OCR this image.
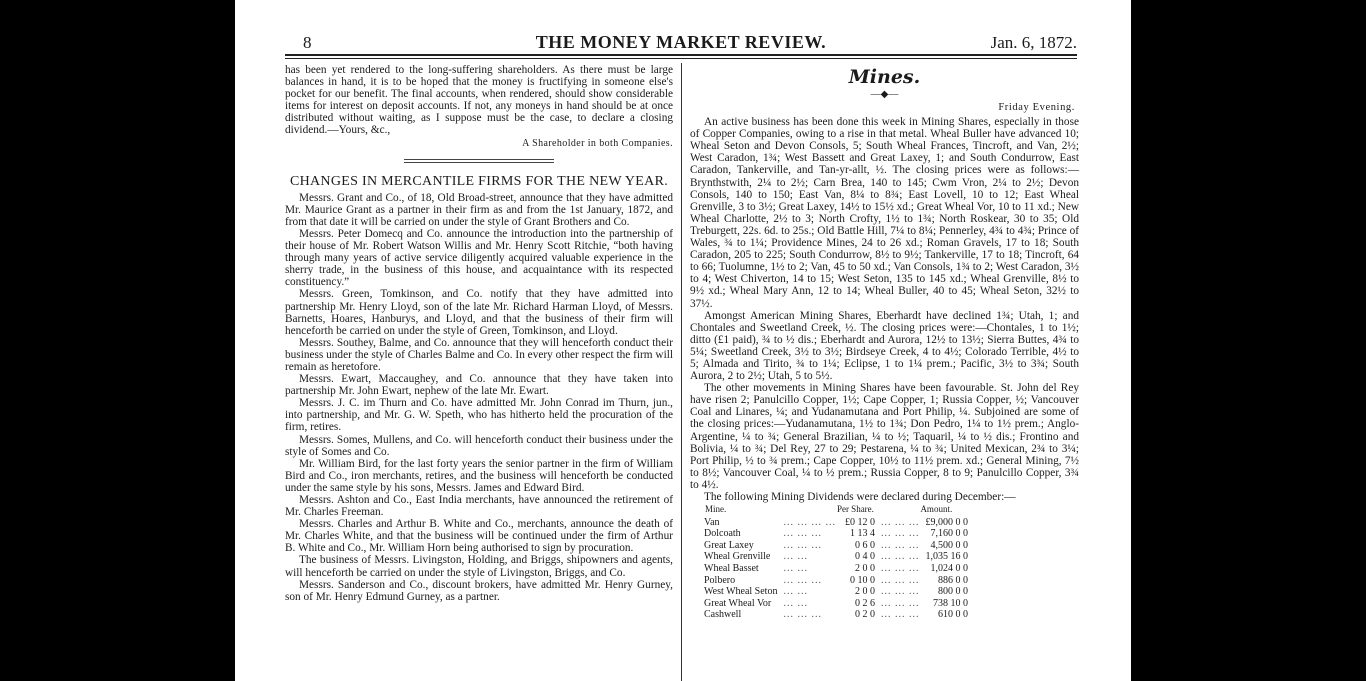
8	THE MONEY MARKET REVIEW.	Jan. 6, 1872.

has been yet rendered to the long-suffering shareholders. As there must be large balances in hand, it is to be hoped that the money is fructifying in someone else's pocket for our benefit. The final accounts, when rendered, should show considerable items for interest on deposit accounts. If not, any moneys in hand should be at once distributed without waiting, as I suppose must be the case, to declare a closing dividend.—Yours, &c.,

A Shareholder in both Companies.
CHANGES IN MERCANTILE FIRMS FOR THE NEW YEAR.

Messrs. Grant and Co., of 18, Old Broad-street, announce that they have admitted Mr. Maurice Grant as a partner in their firm as and from the 1st January, 1872, and from that date it will be carried on under the style of Grant Brothers and Co.

Messrs. Peter Domecq and Co. announce the introduction into the partnership of their house of Mr. Robert Watson Willis and Mr. Henry Scott Ritchie, “both having through many years of active service diligently acquired valuable experience in the sherry trade, in the business of this house, and acquaintance with its respected constituency.”

Messrs. Green, Tomkinson, and Co. notify that they have admitted into partnership Mr. Henry Lloyd, son of the late Mr. Richard Harman Lloyd, of Messrs. Barnetts, Hoares, Hanburys, and Lloyd, and that the business of their firm will henceforth be carried on under the style of Green, Tomkinson, and Lloyd.

Messrs. Southey, Balme, and Co. announce that they will henceforth conduct their business under the style of Charles Balme and Co. In every other respect the firm will remain as heretofore.

Messrs. Ewart, Maccaughey, and Co. announce that they have taken into partnership Mr. John Ewart, nephew of the late Mr. Ewart.

Messrs. J. C. im Thurn and Co. have admitted Mr. John Conrad im Thurn, jun., into partnership, and Mr. G. W. Speth, who has hitherto held the procuration of the firm, retires.

Messrs. Somes, Mullens, and Co. will henceforth conduct their business under the style of Somes and Co.

Mr. William Bird, for the last forty years the senior partner in the firm of William Bird and Co., iron merchants, retires, and the business will henceforth be conducted under the same style by his sons, Messrs. James and Edward Bird.

Messrs. Ashton and Co., East India merchants, have announced the retirement of Mr. Charles Freeman.

Messrs. Charles and Arthur B. White and Co., merchants, announce the death of Mr. Charles White, and that the business will be continued under the firm of Arthur B. White and Co., Mr. William Horn being authorised to sign by procuration.

The business of Messrs. Livingston, Holding, and Briggs, shipowners and agents, will henceforth be carried on under the style of Livingston, Briggs, and Co.

Messrs. Sanderson and Co., discount brokers, have admitted Mr. Henry Gurney, son of Mr. Henry Edmund Gurney, as a partner.

Mines.
—◆—
Friday Evening.

An active business has been done this week in Mining Shares, especially in those of Copper Companies, owing to a rise in that metal. Wheal Buller have advanced 10; Wheal Seton and Devon Consols, 5; South Wheal Frances, Tincroft, and Van, 2½; West Caradon, 1¾; West Bassett and Great Laxey, 1; and South Condurrow, East Caradon, Tankerville, and Tan-yr-allt, ½. The closing prices were as follows:—Brynthstwith, 2¼ to 2½; Carn Brea, 140 to 145; Cwm Vron, 2¼ to 2½; Devon Consols, 140 to 150; East Van, 8¼ to 8¾; East Lovell, 10 to 12; East Wheal Grenville, 3 to 3½; Great Laxey, 14½ to 15½ xd.; Great Wheal Vor, 10 to 11 xd.; New Wheal Charlotte, 2½ to 3; North Crofty, 1½ to 1¾; North Roskear, 30 to 35; Old Treburgett, 22s. 6d. to 25s.; Old Battle Hill, 7¼ to 8¼; Pennerley, 4¾ to 4¾; Prince of Wales, ¾ to 1¼; Providence Mines, 24 to 26 xd.; Roman Gravels, 17 to 18; South Caradon, 205 to 225; South Condurrow, 8½ to 9½; Tankerville, 17 to 18; Tincroft, 64 to 66; Tuolumne, 1½ to 2; Van, 45 to 50 xd.; Van Consols, 1¾ to 2; West Caradon, 3½ to 4; West Chiverton, 14 to 15; West Seton, 135 to 145 xd.; Wheal Grenville, 8½ to 9½ xd.; Wheal Mary Ann, 12 to 14; Wheal Buller, 40 to 45; Wheal Seton, 32½ to 37½.

Amongst American Mining Shares, Eberhardt have declined 1¾; Utah, 1; and Chontales and Sweetland Creek, ½. The closing prices were:—Chontales, 1 to 1½; ditto (£1 paid), ¾ to ½ dis.; Eberhardt and Aurora, 12½ to 13½; Sierra Buttes, 4¾ to 5¼; Sweetland Creek, 3½ to 3½; Birdseye Creek, 4 to 4½; Colorado Terrible, 4½ to 5; Almada and Tirito, ¾ to 1¼; Eclipse, 1 to 1¼ prem.; Pacific, 3½ to 3¾; South Aurora, 2 to 2½; Utah, 5 to 5½.

The other movements in Mining Shares have been favourable. St. John del Rey have risen 2; Panulcillo Copper, 1½; Cape Copper, 1; Russia Copper, ½; Vancouver Coal and Linares, ¼; and Yudanamutana and Port Philip, ¼. Subjoined are some of the closing prices:—Yudanamutana, 1½ to 1¾; Don Pedro, 1¼ to 1½ prem.; Anglo-Argentine, ¼ to ¾; General Brazilian, ¼ to ½; Taquaril, ¼ to ½ dis.; Frontino and Bolivia, ¼ to ¾; Del Rey, 27 to 29; Pestarena, ¼ to ¾; United Mexican, 2¾ to 3¼; Port Philip, ½ to ¾ prem.; Cape Copper, 10½ to 11½ prem. xd.; General Mining, 7½ to 8½; Vancouver Coal, ¼ to ½ prem.; Russia Copper, 8 to 9; Panulcillo Copper, 3¾ to 4½.

The following Mining Dividends were declared during December:—

Mine.		Per Share.		Amount.
Van	... ... ... ...	£0 12 0	... ... ...	£9,000 0 0
Dolcoath	... ... ...	1 13 4	... ... ...	7,160 0 0
Great Laxey	... ... ...	0 6 0	... ... ...	4,500 0 0
Wheal Grenville	... ...	0 4 0	... ... ...	1,035 16 0
Wheal Basset	... ...	2 0 0	... ... ...	1,024 0 0
Polbero	... ... ...	0 10 0	... ... ...	886 0 0
West Wheal Seton	... ...	2 0 0	... ... ...	800 0 0
Great Wheal Vor	... ...	0 2 6	... ... ...	738 10 0
Cashwell	... ... ...	0 2 0	... ... ...	610 0 0
